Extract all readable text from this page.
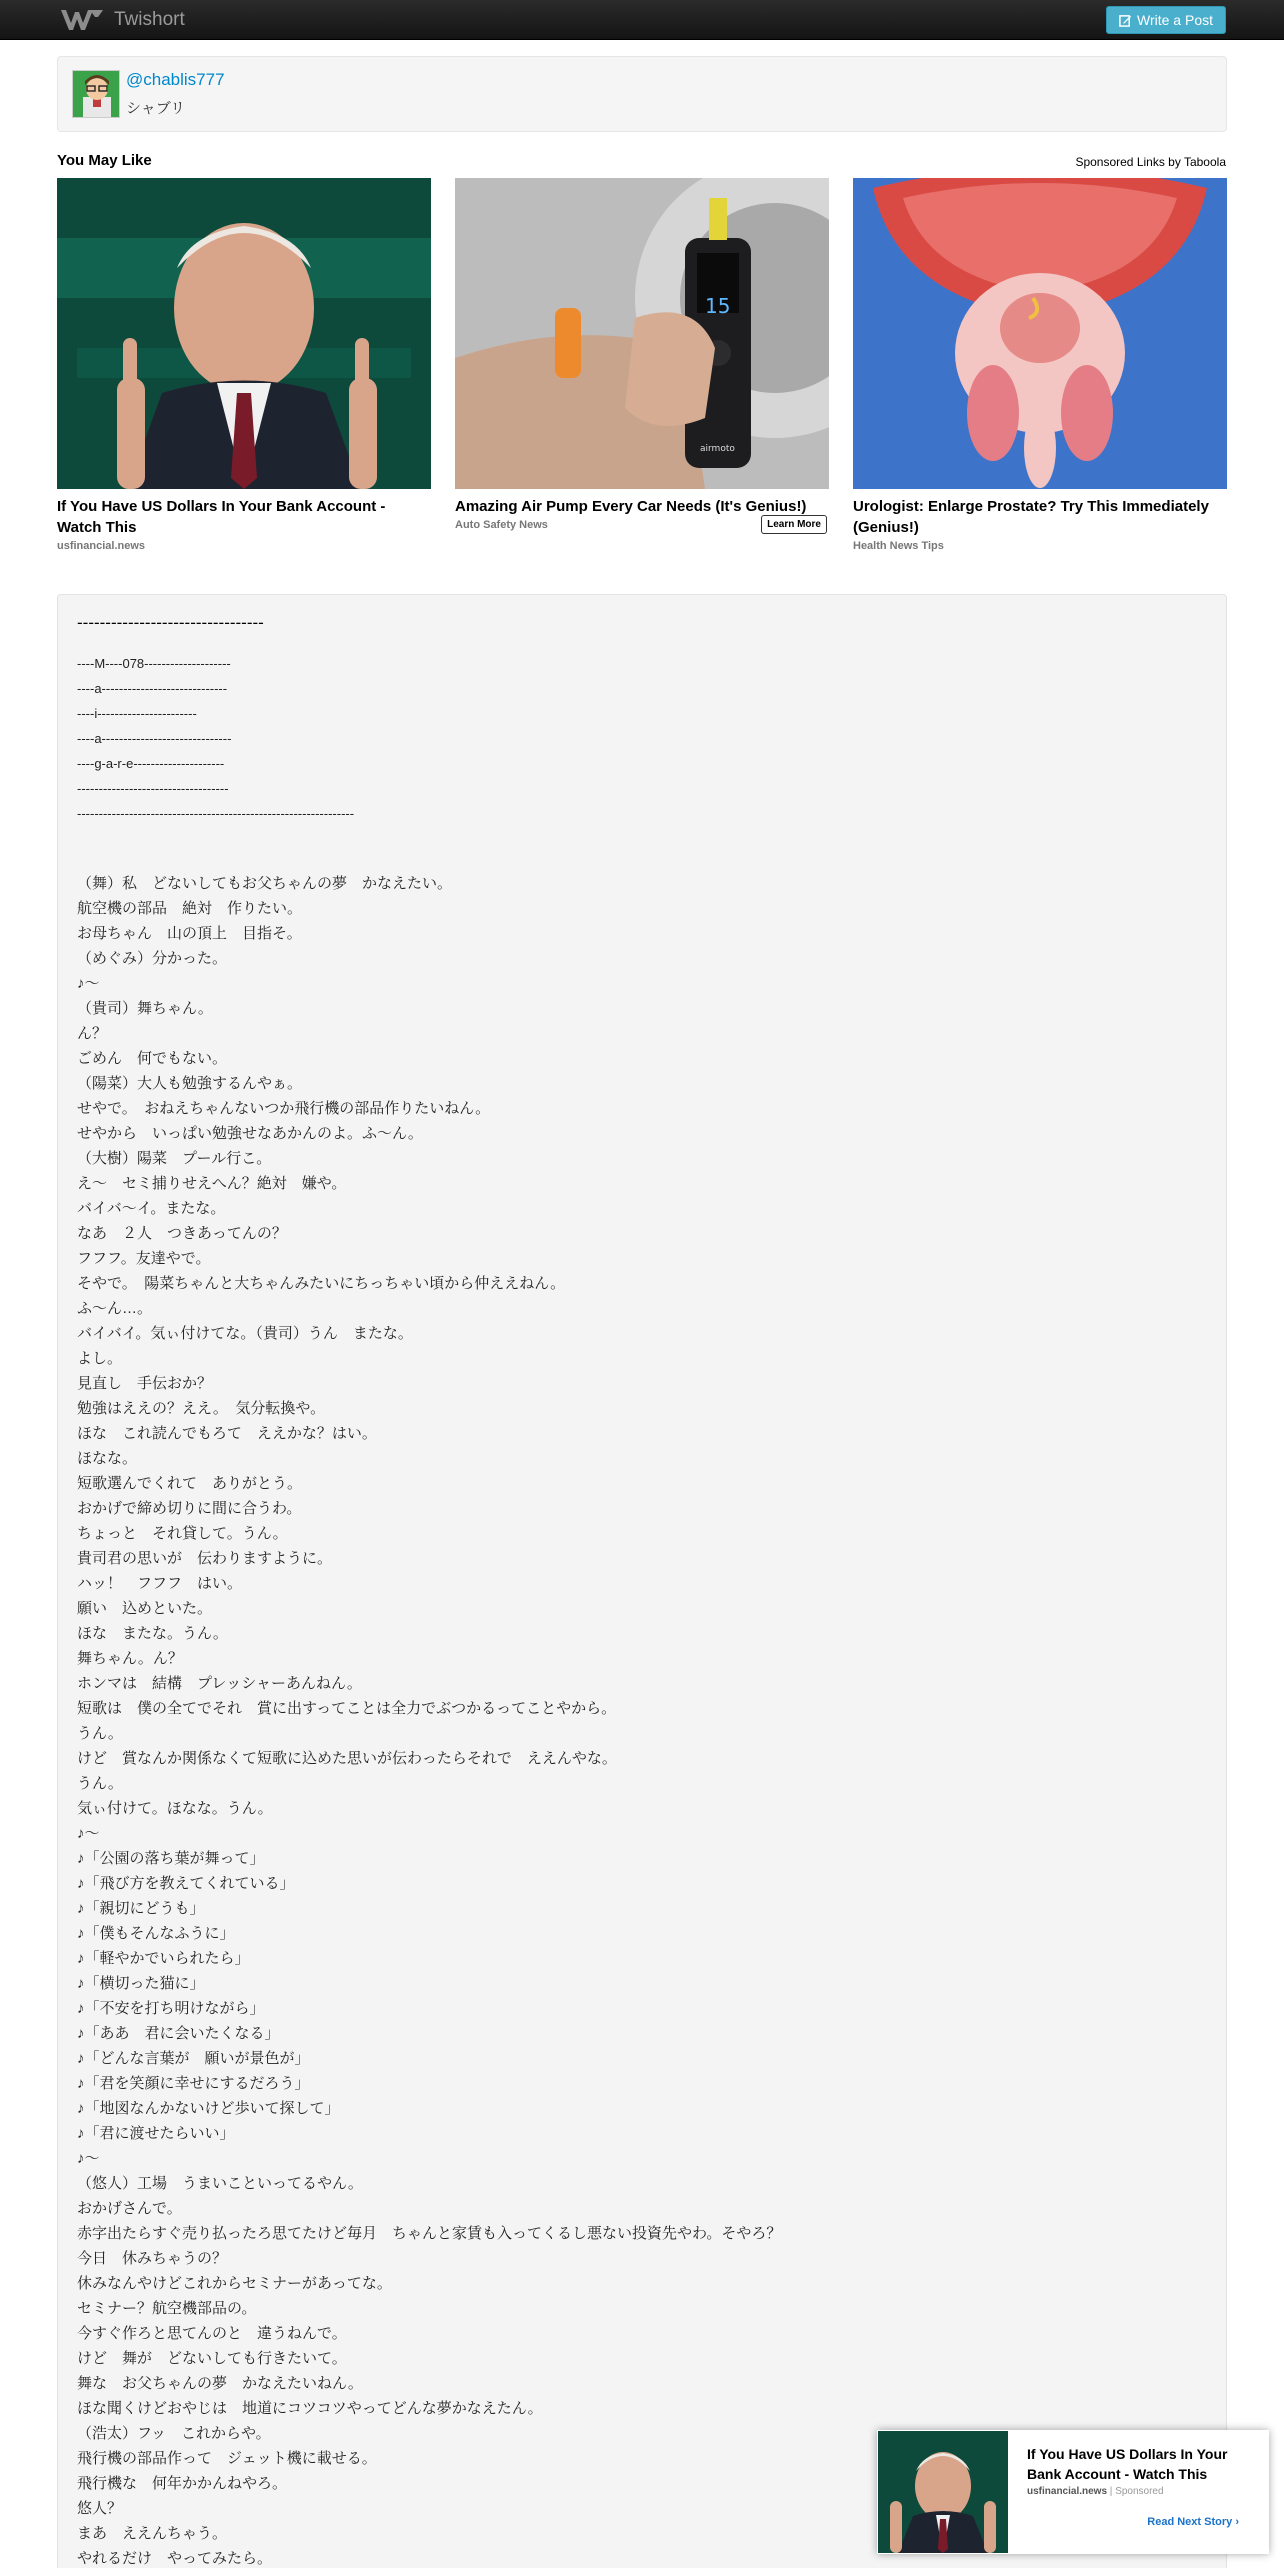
Twishort	Write a Post
@chablis777
シャブリ
You May Like	Sponsored Links by Taboola
If You Have US Dollars In Your Bank Account - Watch This
usfinancial.news
15
airmoto
Amazing Air Pump Every Car Needs (It's Genius!)
Auto Safety News	Learn More
Urologist: Enlarge Prostate? Try This Immediately (Genius!)
Health News Tips
---------------------------------
----M----078--------------------
----a-----------------------------
----i-----------------------
----a------------------------------
----g-a-r-e---------------------
-----------------------------------
----------------------------------------------------------------
（舞）私　どないしてもお父ちゃんの夢　かなえたい。
航空機の部品　絶対　作りたい。
お母ちゃん　山の頂上　目指そ。
（めぐみ）分かった。
♪～
（貴司）舞ちゃん。
ん？
ごめん　何でもない。
（陽菜）大人も勉強するんやぁ。
せやで。　おねえちゃんないつか飛行機の部品作りたいねん。
せやから　いっぱい勉強せなあかんのよ。ふ～ん。
（大樹）陽菜　プール行こ。
え～　セミ捕りせえへん？絶対　嫌や。
バイバ～イ。またな。
なあ　２人　つきあってんの？
フフフ。友達やで。
そやで。　陽菜ちゃんと大ちゃんみたいにちっちゃい頃から仲ええねん。
ふ～ん…。
バイバイ。気ぃ付けてな。（貴司）うん　またな。
よし。
見直し　手伝おか？
勉強はええの？ええ。　気分転換や。
ほな　これ読んでもろて　ええかな？はい。
ほなな。
短歌選んでくれて　ありがとう。
おかげで締め切りに間に合うわ。
ちょっと　それ貸して。うん。
貴司君の思いが　伝わりますように。
ハッ！　フフフ　はい。
願い　込めといた。
ほな　またな。うん。
舞ちゃん。ん？
ホンマは　結構　プレッシャーあんねん。
短歌は　僕の全てでそれ　賞に出すってことは全力でぶつかるってことやから。
うん。
けど　賞なんか関係なくて短歌に込めた思いが伝わったらそれで　ええんやな。
うん。
気ぃ付けて。ほなな。うん。
♪～
♪「公園の落ち葉が舞って」
♪「飛び方を教えてくれている」
♪「親切にどうも」
♪「僕もそんなふうに」
♪「軽やかでいられたら」
♪「横切った猫に」
♪「不安を打ち明けながら」
♪「ああ　君に会いたくなる」
♪「どんな言葉が　願いが景色が」
♪「君を笑顔に幸せにするだろう」
♪「地図なんかないけど歩いて探して」
♪「君に渡せたらいい」
♪～
（悠人）工場　うまいこといってるやん。
おかげさんで。
赤字出たらすぐ売り払ったろ思てたけど毎月　ちゃんと家賃も入ってくるし悪ない投資先やわ。そやろ？
今日　休みちゃうの？
休みなんやけどこれからセミナーがあってな。
セミナー？航空機部品の。
今すぐ作ろと思てんのと　違うねんで。
けど　舞が　どないしても行きたいて。
舞な　お父ちゃんの夢　かなえたいねん。
ほな聞くけどおやじは　地道にコツコツやってどんな夢かなえたん。
（浩太）フッ　これからや。
飛行機の部品作って　ジェット機に載せる。
飛行機な　何年かかんねやろ。
悠人？
まあ　ええんちゃう。
やれるだけ　やってみたら。
If You Have US Dollars In Your Bank Account - Watch This
usfinancial.news | Sponsored
Read Next Story ›
